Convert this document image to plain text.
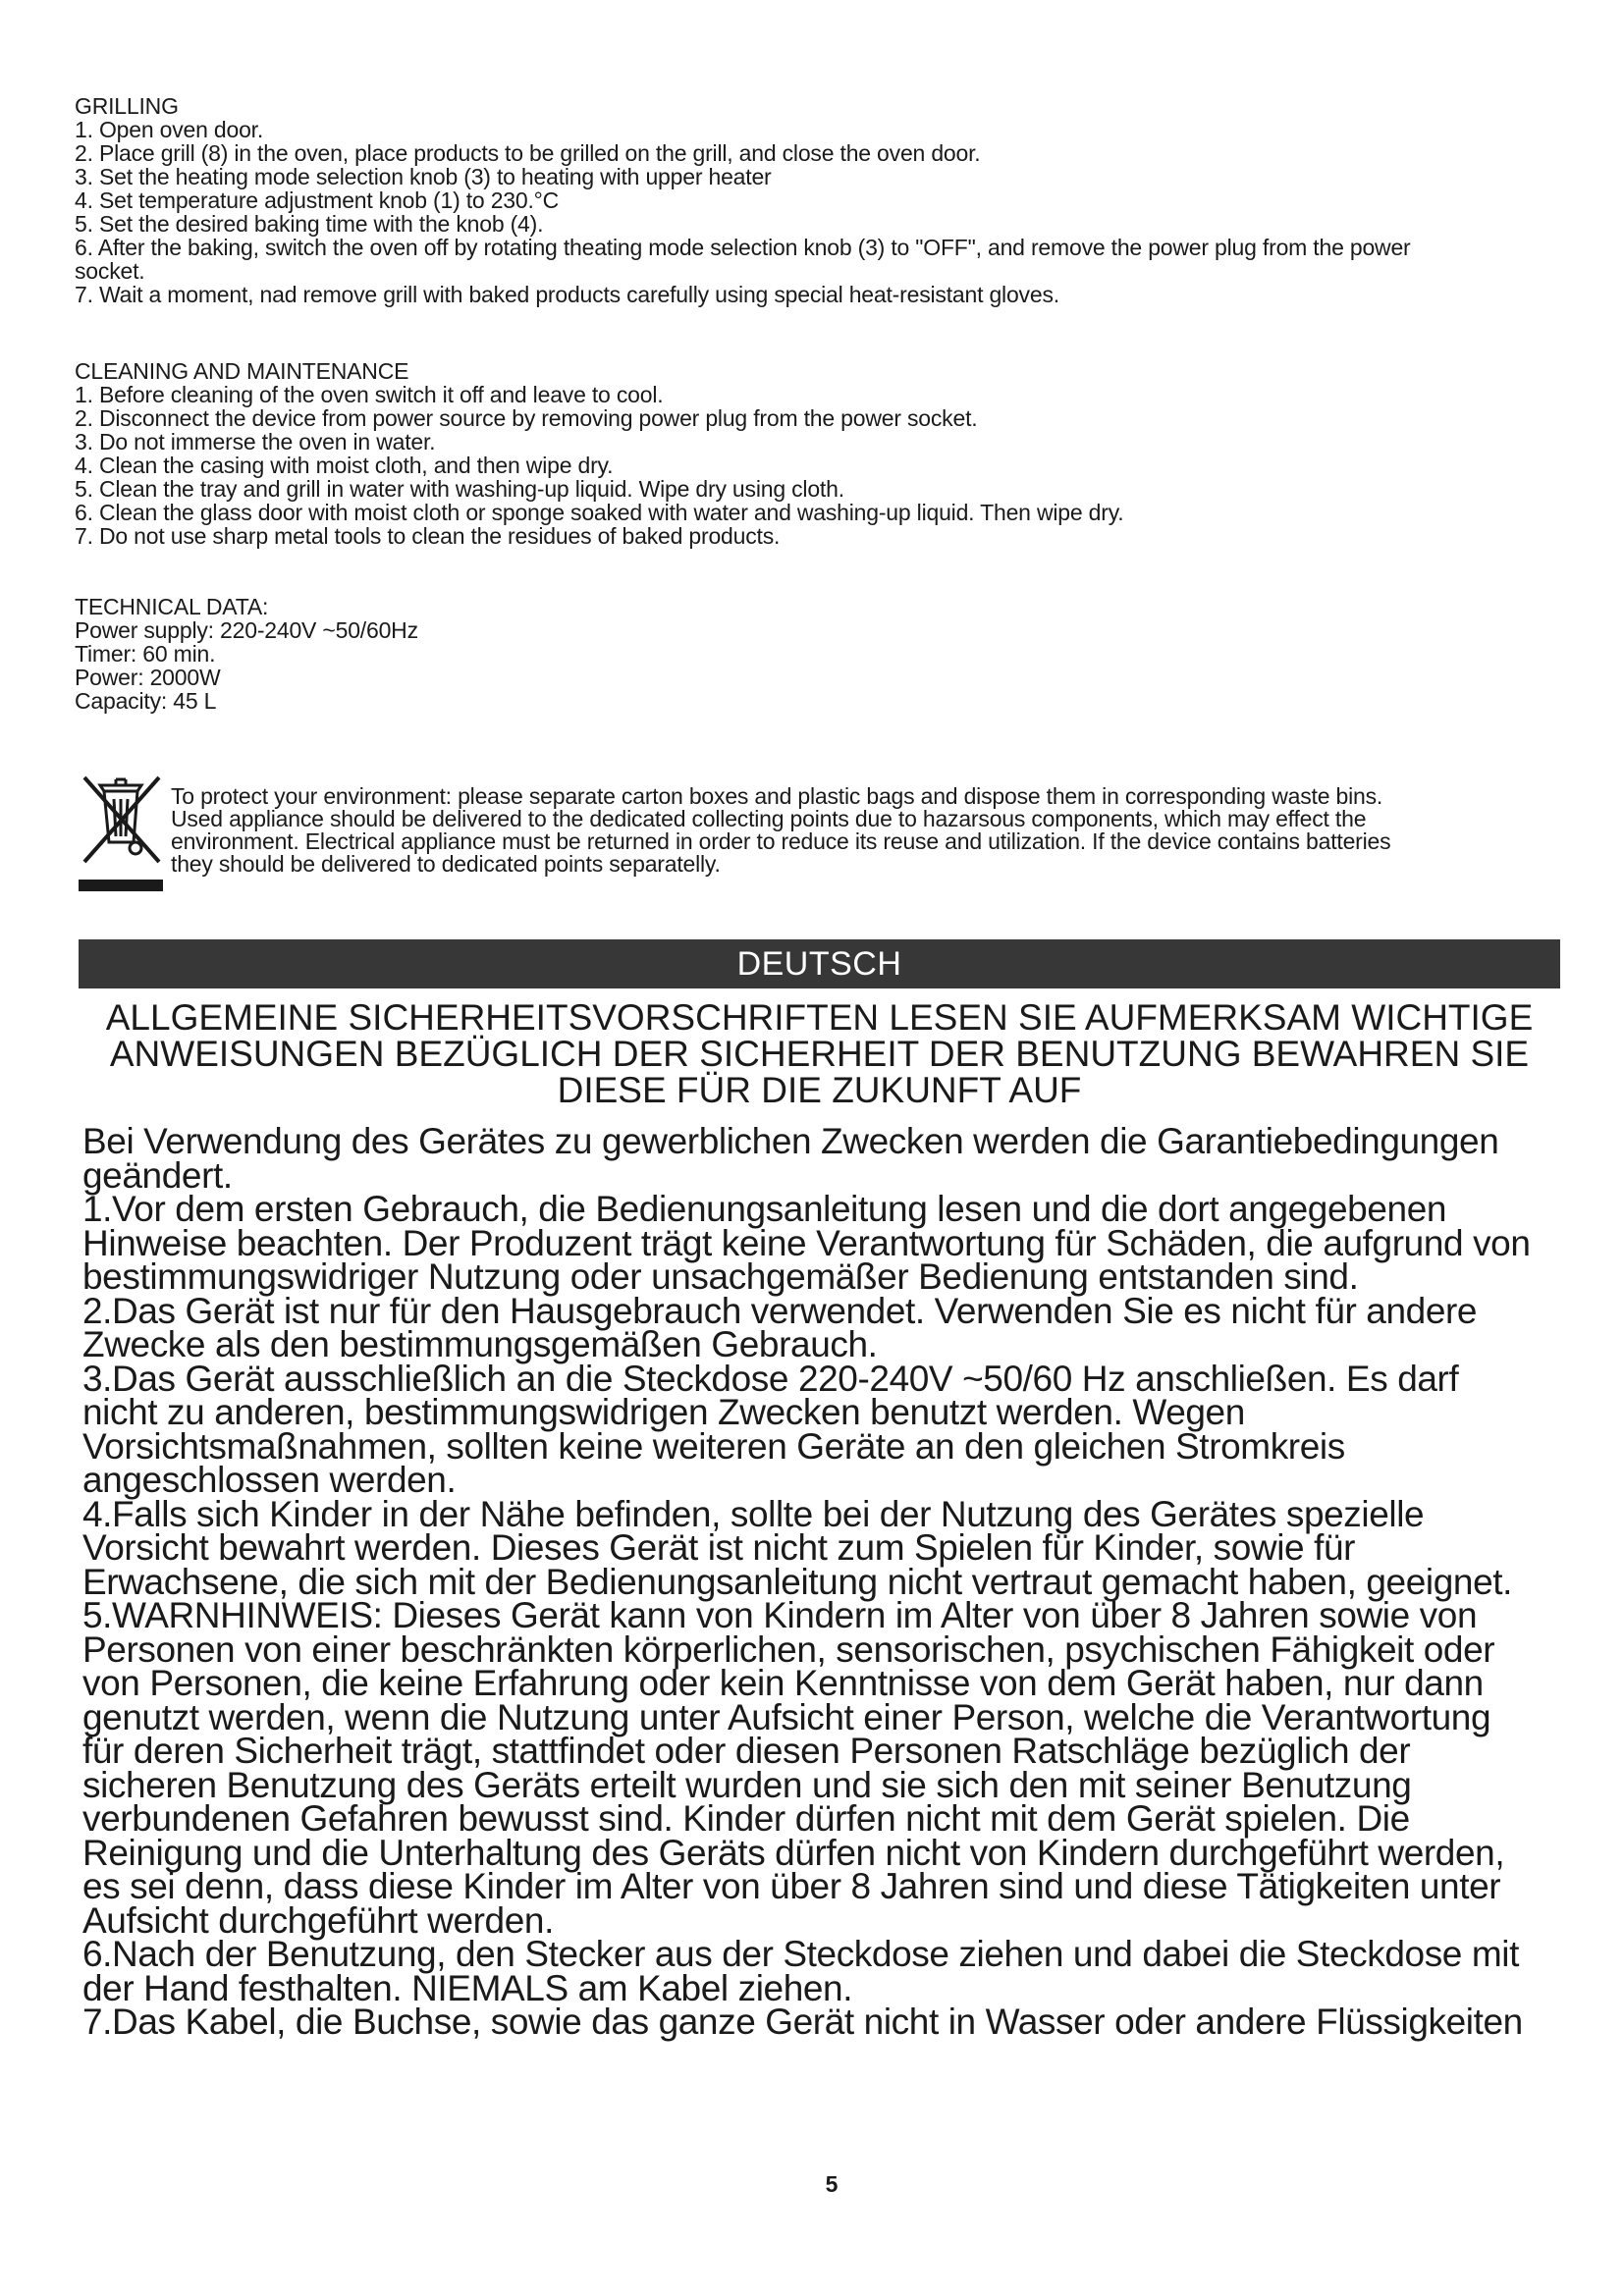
GRILLING
1. Open oven door.
2. Place grill (8) in the oven, place products to be grilled on the grill, and close the oven door.
3. Set the heating mode selection knob (3) to heating with upper heater
4. Set temperature adjustment knob (1) to 230.°C
5. Set the desired baking time with the knob (4).
6. After the baking, switch the oven off by rotating theating mode selection knob (3) to "OFF", and remove the power plug from the power
socket.
7. Wait a moment, nad remove grill with baked products carefully using special heat-resistant gloves.
CLEANING AND MAINTENANCE
1. Before cleaning of the oven switch it off and leave to cool.
2. Disconnect the device from power source by removing power plug from the power socket.
3. Do not immerse the oven in water.
4. Clean the casing with moist cloth, and then wipe dry.
5. Clean the tray and grill in water with washing-up liquid. Wipe dry using cloth.
6. Clean the glass door with moist cloth or sponge soaked with water and washing-up liquid. Then wipe dry.
7. Do not use sharp metal tools to clean the residues of baked products.
TECHNICAL DATA:
Power supply: 220-240V ~50/60Hz
Timer: 60 min.
Power: 2000W
Capacity: 45 L
To protect your environment: please separate carton boxes and plastic bags and dispose them in corresponding waste bins.
Used appliance should be delivered to the dedicated collecting points due to hazarsous components, which may effect the
environment. Electrical appliance must be returned in order to reduce its reuse and utilization. If the device contains batteries
they should be delivered to dedicated points separatelly.
DEUTSCH
ALLGEMEINE SICHERHEITSVORSCHRIFTEN LESEN SIE AUFMERKSAM WICHTIGE
ANWEISUNGEN BEZÜGLICH DER SICHERHEIT DER BENUTZUNG BEWAHREN SIE
DIESE FÜR DIE ZUKUNFT AUF
Bei Verwendung des Gerätes zu gewerblichen Zwecken werden die Garantiebedingungen
geändert.
1.Vor dem ersten Gebrauch, die Bedienungsanleitung lesen und die dort angegebenen
Hinweise beachten. Der Produzent trägt keine Verantwortung für Schäden, die aufgrund von
bestimmungswidriger Nutzung oder unsachgemäßer Bedienung entstanden sind.
2.Das Gerät ist nur für den Hausgebrauch verwendet. Verwenden Sie es nicht für andere
Zwecke als den bestimmungsgemäßen Gebrauch.
3.Das Gerät ausschließlich an die Steckdose 220-240V ~50/60 Hz anschließen. Es darf
nicht zu anderen, bestimmungswidrigen Zwecken benutzt werden. Wegen
Vorsichtsmaßnahmen, sollten keine weiteren Geräte an den gleichen Stromkreis
angeschlossen werden.
4.Falls sich Kinder in der Nähe befinden, sollte bei der Nutzung des Gerätes spezielle
Vorsicht bewahrt werden. Dieses Gerät ist nicht zum Spielen für Kinder, sowie für
Erwachsene, die sich mit der Bedienungsanleitung nicht vertraut gemacht haben, geeignet.
5.WARNHINWEIS: Dieses Gerät kann von Kindern im Alter von über 8 Jahren sowie von
Personen von einer beschränkten körperlichen, sensorischen, psychischen Fähigkeit oder
von Personen, die keine Erfahrung oder kein Kenntnisse von dem Gerät haben, nur dann
genutzt werden, wenn die Nutzung unter Aufsicht einer Person, welche die Verantwortung
für deren Sicherheit trägt, stattfindet oder diesen Personen Ratschläge bezüglich der
sicheren Benutzung des Geräts erteilt wurden und sie sich den mit seiner Benutzung
verbundenen Gefahren bewusst sind. Kinder dürfen nicht mit dem Gerät spielen. Die
Reinigung und die Unterhaltung des Geräts dürfen nicht von Kindern durchgeführt werden,
es sei denn, dass diese Kinder im Alter von über 8 Jahren sind und diese Tätigkeiten unter
Aufsicht durchgeführt werden.
6.Nach der Benutzung, den Stecker aus der Steckdose ziehen und dabei die Steckdose mit
der Hand festhalten. NIEMALS am Kabel ziehen.
7.Das Kabel, die Buchse, sowie das ganze Gerät nicht in Wasser oder andere Flüssigkeiten
5
